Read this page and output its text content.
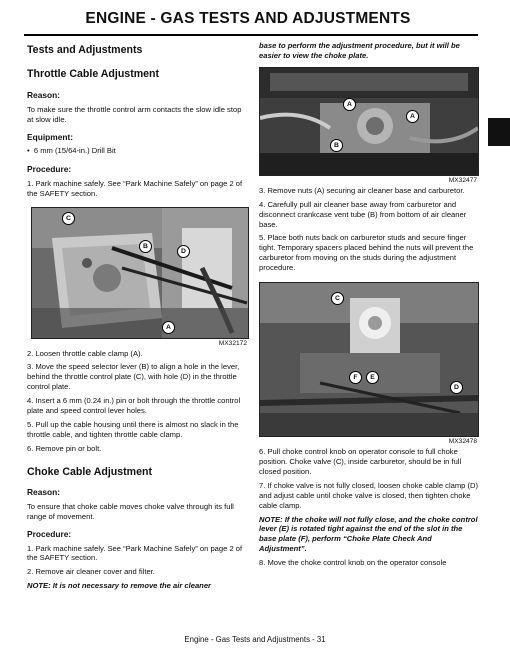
ENGINE - GAS TESTS AND ADJUSTMENTS

Tests and Adjustments

Throttle Cable Adjustment

Reason:

To make sure the throttle control arm contacts the slow idle stop at slow idle.

Equipment:

•  6 mm (15/64-in.) Drill Bit

Procedure:

1. Park machine safely. See “Park Machine Safely” on page 2 of the SAFETY section.

C
B
D
A
MX32172

2. Loosen throttle cable clamp (A).

3. Move the speed selector lever (B) to align a hole in the lever, behind the throttle control plate (C), with hole (D) in the throttle control plate.

4. Insert a 6 mm (0.24 in.) pin or bolt through the throttle control plate and speed control lever holes.

5. Pull up the cable housing until there is almost no slack in the throttle cable, and tighten throttle cable clamp.

6. Remove pin or bolt.

Choke Cable Adjustment

Reason:

To ensure that choke cable moves choke valve through its full range of movement.

Procedure:

1. Park machine safely. See “Park Machine Safely” on page 2 of the SAFETY section.

2. Remove air cleaner cover and filter.

NOTE: It is not necessary to remove the air cleaner

base to perform the adjustment procedure, but it will be easier to view the choke plate.

A
A
B
MX32477

3. Remove nuts (A) securing air cleaner base and carburetor.

4. Carefully pull air cleaner base away from carburetor and disconnect crankcase vent tube (B) from bottom of air cleaner base.

5. Place both nuts back on carburetor studs and secure finger tight. Temporary spacers placed behind the nuts will prevent the carburetor from moving on the studs during the adjustment procedure.

C
F	E
D
MX32478

6. Pull choke control knob on operator console to full choke position. Choke valve (C), inside carburetor, should be in full closed position.

7. If choke valve is not fully closed, loosen choke cable clamp (D) and adjust cable until choke valve is closed, then tighten choke cable clamp.

NOTE: If the choke will not fully close, and the choke control lever (E) is rotated tight against the end of the slot in the base plate (F), perform “Choke Plate Check And Adjustment”.

8. Move the choke control knob on the operator console

Engine - Gas Tests and Adjustments - 31
